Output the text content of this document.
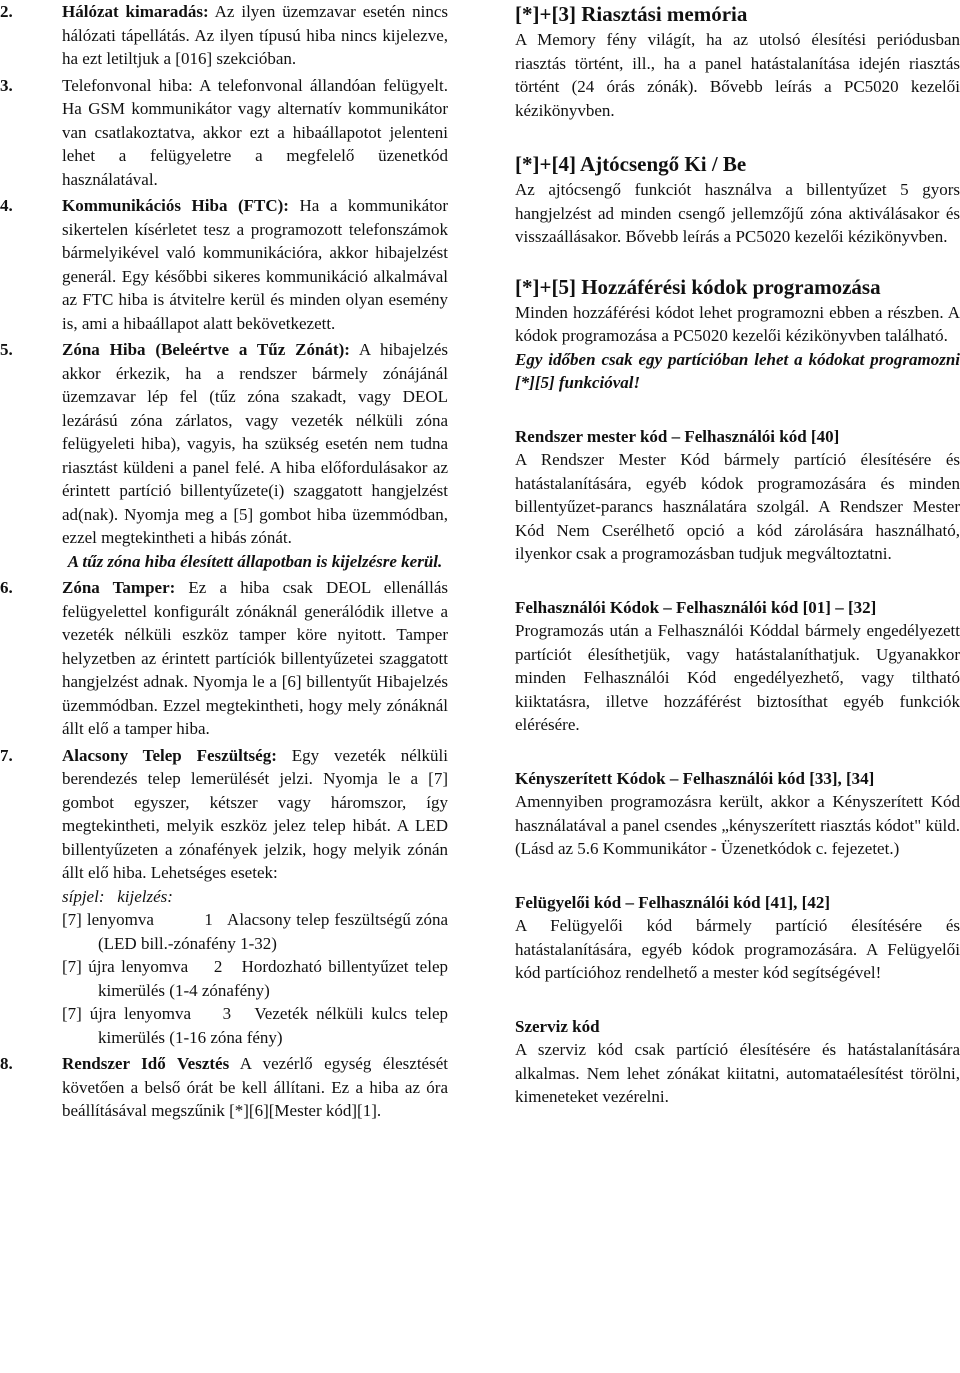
2.	Hálózat kimaradás: Az ilyen üzemzavar esetén nincs hálózati tápellátás. Az ilyen típusú hiba nincs kijelezve, ha ezt letiltjuk a [016] szekcióban.

3.	Telefonvonal hiba: A telefonvonal állandóan felügyelt. Ha GSM kommunikátor vagy alternatív kommunikátor van csatlakoztatva, akkor ezt a hibaállapotot jelenteni lehet a felügyeletre a megfelelő üzenetkód használatával.

4.	Kommunikációs Hiba (FTC): Ha a kommunikátor sikertelen kísérletet tesz a programozott telefonszámok bármelyikével való kommunikációra, akkor hibajelzést generál. Egy későbbi sikeres kommunikáció alkalmával az FTC hiba is átvitelre kerül és minden olyan esemény is, ami a hibaállapot alatt bekövetkezett.

5.	Zóna Hiba (Beleértve a Tűz Zónát): A hibajelzés akkor érkezik, ha a rendszer bármely zónájánál üzemzavar lép fel (tűz zóna szakadt, vagy DEOL lezárású zóna zárlatos, vagy vezeték nélküli zóna felügyeleti hiba), vagyis, ha szükség esetén nem tudna riasztást küldeni a panel felé. A hiba előfordulásakor az érintett partíció billentyűzete(i) szaggatott hangjelzést ad(nak). Nyomja meg a [5] gombot hiba üzemmódban, ezzel megtekintheti a hibás zónát.

A tűz zóna hiba élesített állapotban is kijelzésre kerül.

6.	Zóna Tamper: Ez a hiba csak DEOL ellenállás felügyelettel konfigurált zónáknál generálódik illetve a vezeték nélküli eszköz tamper köre nyitott. Tamper helyzetben az érintett partíciók billentyűzetei szaggatott hangjelzést adnak. Nyomja le a [6] billentyűt Hibajelzés üzemmódban. Ezzel megtekintheti, hogy mely zónáknál állt elő a tamper hiba.

7.	Alacsony Telep Feszültség: Egy vezeték nélküli berendezés telep lemerülését jelzi. Nyomja le a [7] gombot egyszer, kétszer vagy háromszor, így megtekintheti, melyik eszköz jelez telep hibát. A LED billentyűzeten a zónafények jelzik, hogy melyik zónán állt elő hiba. Lehetséges esetek:

sípjel:   kijelzés:

[7] lenyomva          1   Alacsony telep feszültségű zóna (LED bill.-zónafény 1-32)

[7] újra lenyomva    2   Hordozható billentyűzet telep kimerülés (1-4 zónafény)

[7] újra lenyomva    3   Vezeték nélküli kulcs telep kimerülés (1-16 zóna fény)

8.	Rendszer Idő Vesztés A vezérlő egység élesztését követően a belső órát be kell állítani. Ez a hiba az óra beállításával megszűnik [*][6][Mester kód][1].

[*]+[3] Riasztási memória

A Memory fény világít, ha az utolsó élesítési periódusban riasztás történt, ill., ha a panel hatástalanítása idején riasztás történt (24 órás zónák). Bővebb leírás a PC5020 kezelői kézikönyvben.

[*]+[4] Ajtócsengő Ki / Be

Az ajtócsengő funkciót használva a billentyűzet 5 gyors hangjelzést ad minden csengő jellemzőjű zóna aktiválásakor és visszaállásakor. Bővebb leírás a PC5020 kezelői kézikönyvben.

[*]+[5] Hozzáférési kódok programozása

Minden hozzáférési kódot lehet programozni ebben a részben. A kódok programozása a PC5020 kezelői kézikönyvben található.

Egy időben csak egy partícióban lehet a kódokat programozni [*][5] funkcióval!

Rendszer mester kód – Felhasználói kód [40]

A Rendszer Mester Kód bármely partíció élesítésére és hatástalanítására, egyéb kódok programozására és minden billentyűzet-parancs használatára szolgál. A Rendszer Mester Kód Nem Cserélhető opció a kód zárolására használható, ilyenkor csak a programozásban tudjuk megváltoztatni.

Felhasználói Kódok – Felhasználói kód [01] – [32]

Programozás után a Felhasználói Kóddal bármely engedélyezett partíciót élesíthetjük, vagy hatástalaníthatjuk. Ugyanakkor minden Felhasználói Kód engedélyezhető, vagy tiltható kiiktatásra, illetve hozzáférést biztosíthat egyéb funkciók elérésére.

Kényszerített Kódok – Felhasználói kód [33], [34]

Amennyiben programozásra került, akkor a Kényszerített Kód használatával a panel csendes „kényszerített riasztás kódot" küld. (Lásd az 5.6 Kommunikátor - Üzenetkódok c. fejezetet.)

Felügyelői kód – Felhasználói kód [41], [42]

A Felügyelői kód bármely partíció élesítésére és hatástalanítására, egyéb kódok programozására. A Felügyelői kód partícióhoz rendelhető a mester kód segítségével!

Szerviz kód

A szerviz kód csak partíció élesítésére és hatástalanítására alkalmas. Nem lehet zónákat kiitatni, automataélesítést törölni, kimeneteket vezérelni.
